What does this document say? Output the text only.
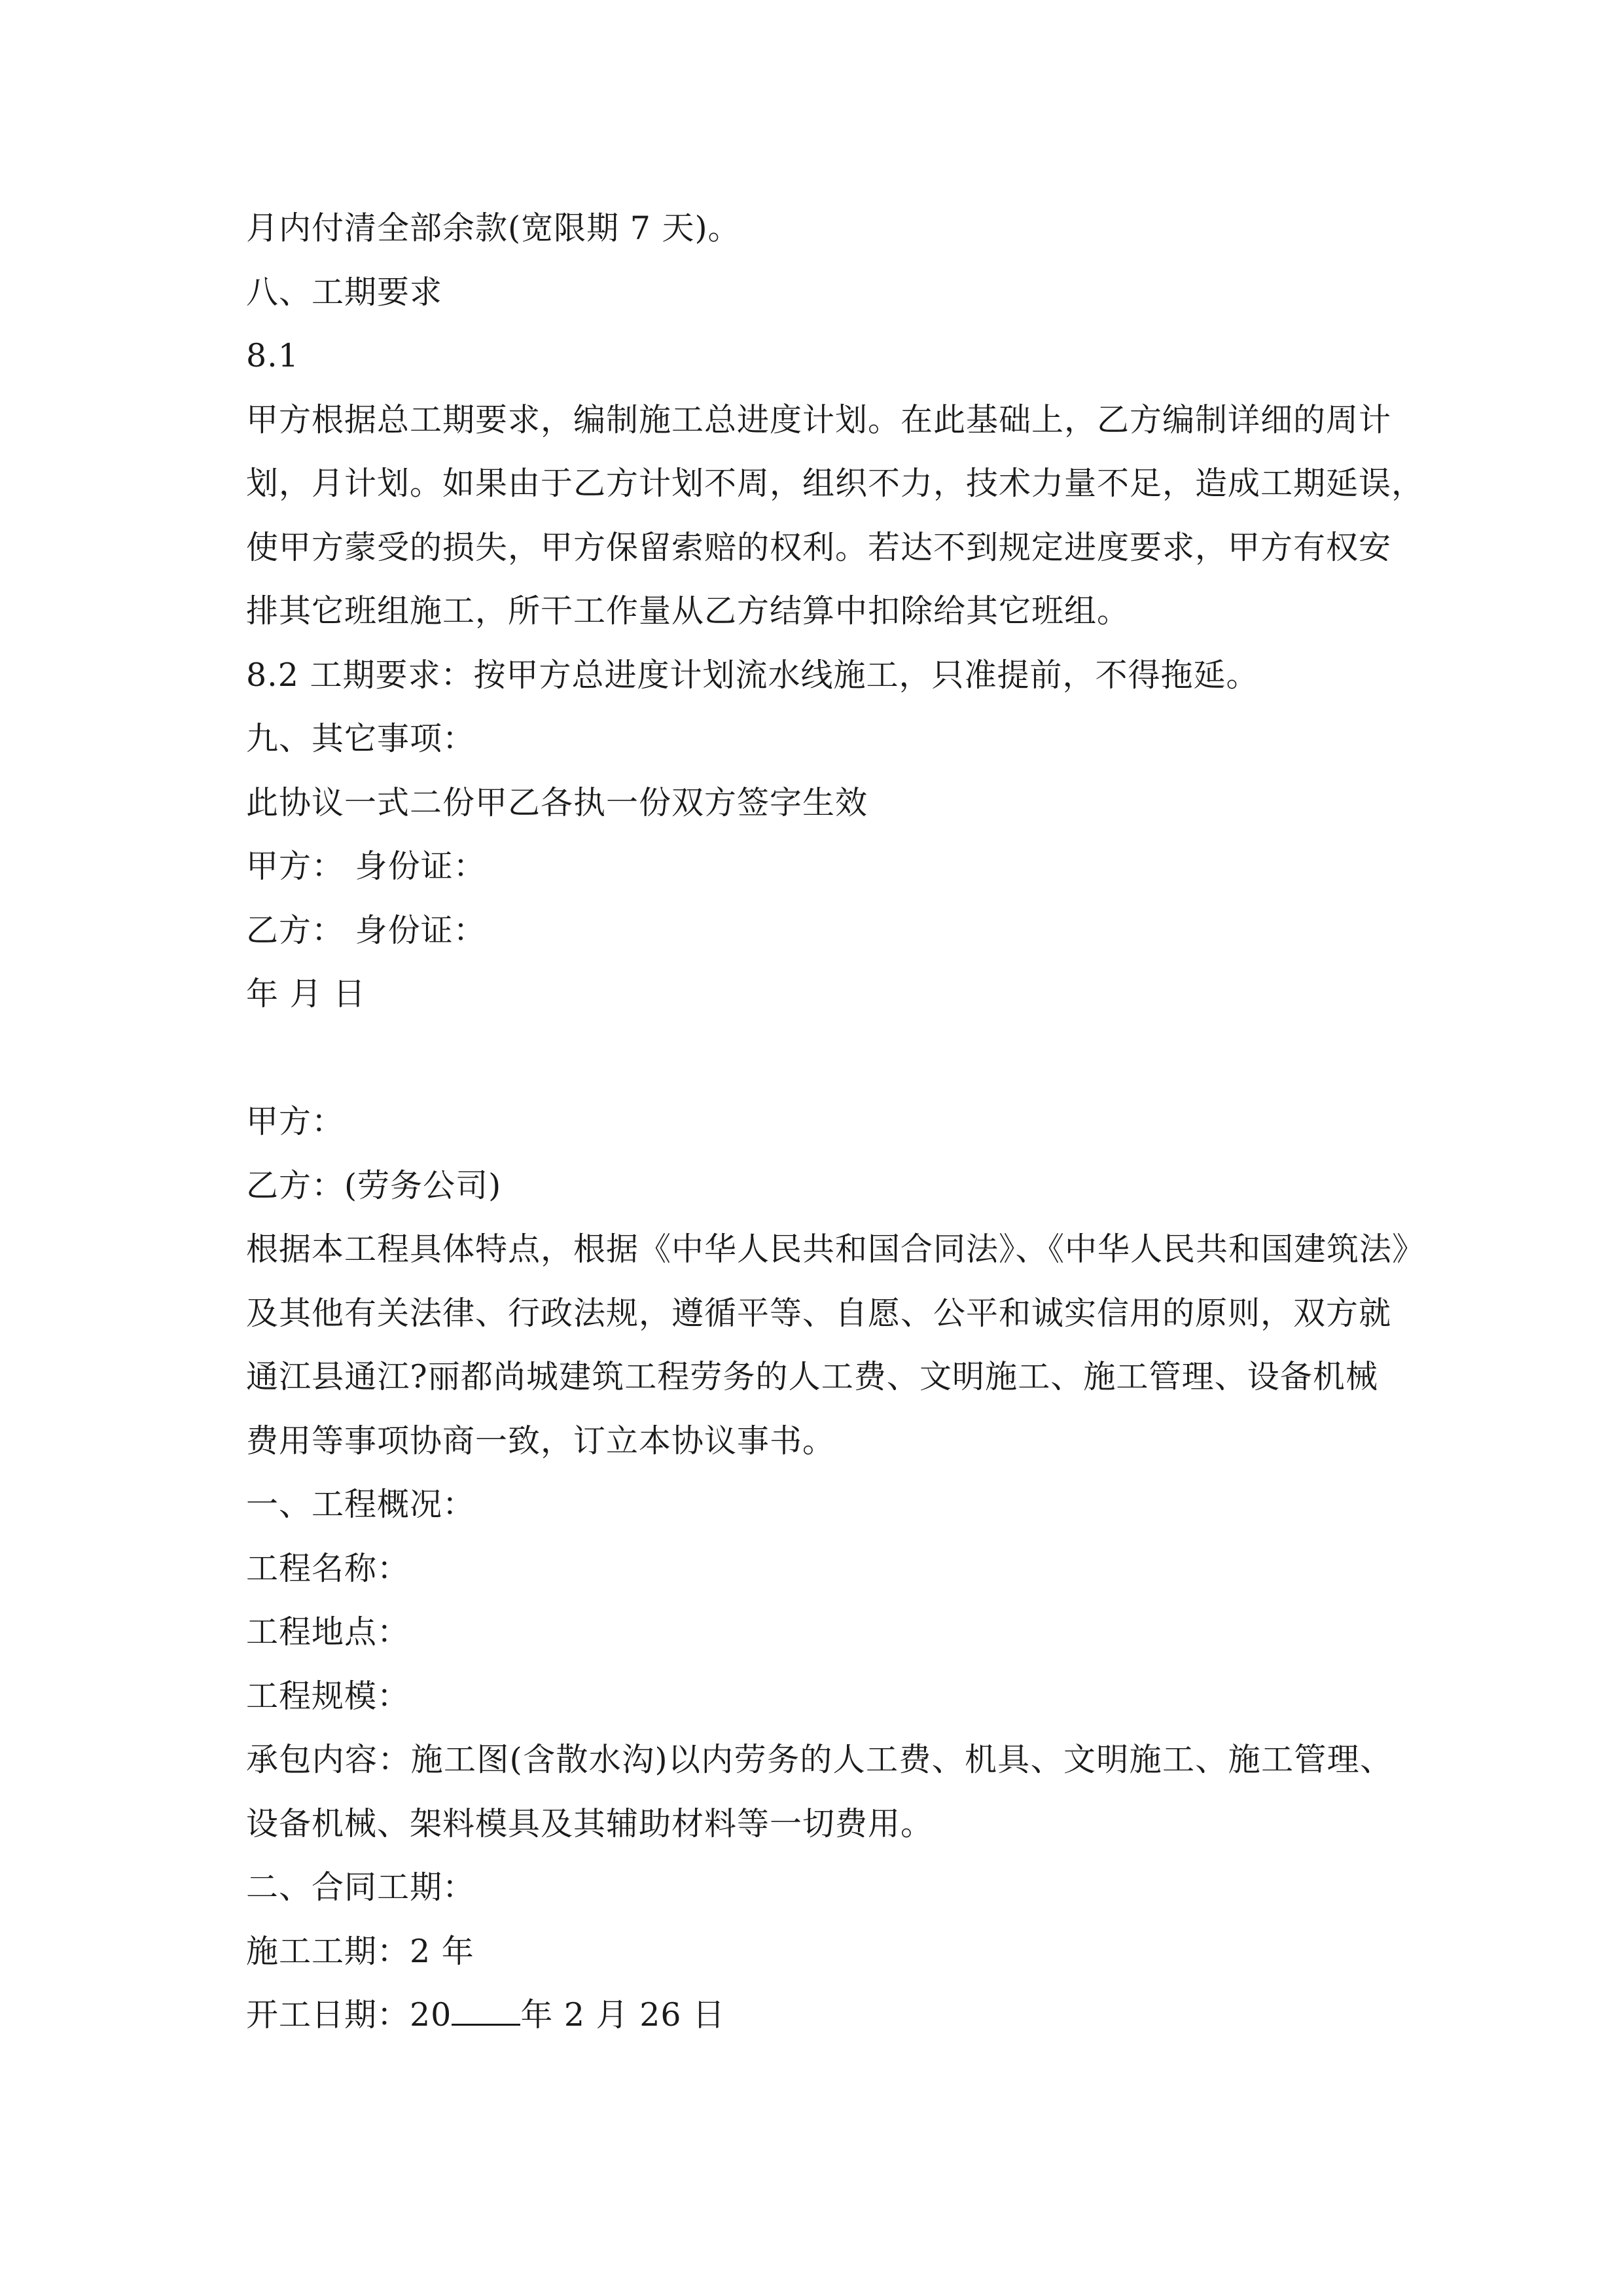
月内付清全部余款(宽限期 7 天)。
八、工期要求
8.1
甲方根据总工期要求，编制施工总进度计划。在此基础上，乙方编制详细的周计
划，月计划。如果由于乙方计划不周，组织不力，技术力量不足，造成工期延误，
使甲方蒙受的损失，甲方保留索赔的权利。若达不到规定进度要求，甲方有权安
排其它班组施工，所干工作量从乙方结算中扣除给其它班组。
8.2 工期要求：按甲方总进度计划流水线施工，只准提前，不得拖延。
九、其它事项：
此协议一式二份甲乙各执一份双方签字生效
甲方： 身份证：
乙方： 身份证：
年 月 日
甲方：
乙方：(劳务公司)
根据本工程具体特点，根据《中华人民共和国合同法》、《中华人民共和国建筑法》
及其他有关法律、行政法规，遵循平等、自愿、公平和诚实信用的原则，双方就
通江县通江?丽都尚城建筑工程劳务的人工费、文明施工、施工管理、设备机械
费用等事项协商一致，订立本协议事书。
一、工程概况：
工程名称：
工程地点：
工程规模：
承包内容：施工图(含散水沟)以内劳务的人工费、机具、文明施工、施工管理、
设备机械、架料模具及其辅助材料等一切费用。
二、合同工期：
施工工期：2 年
开工日期：20 年 2 月 26 日
